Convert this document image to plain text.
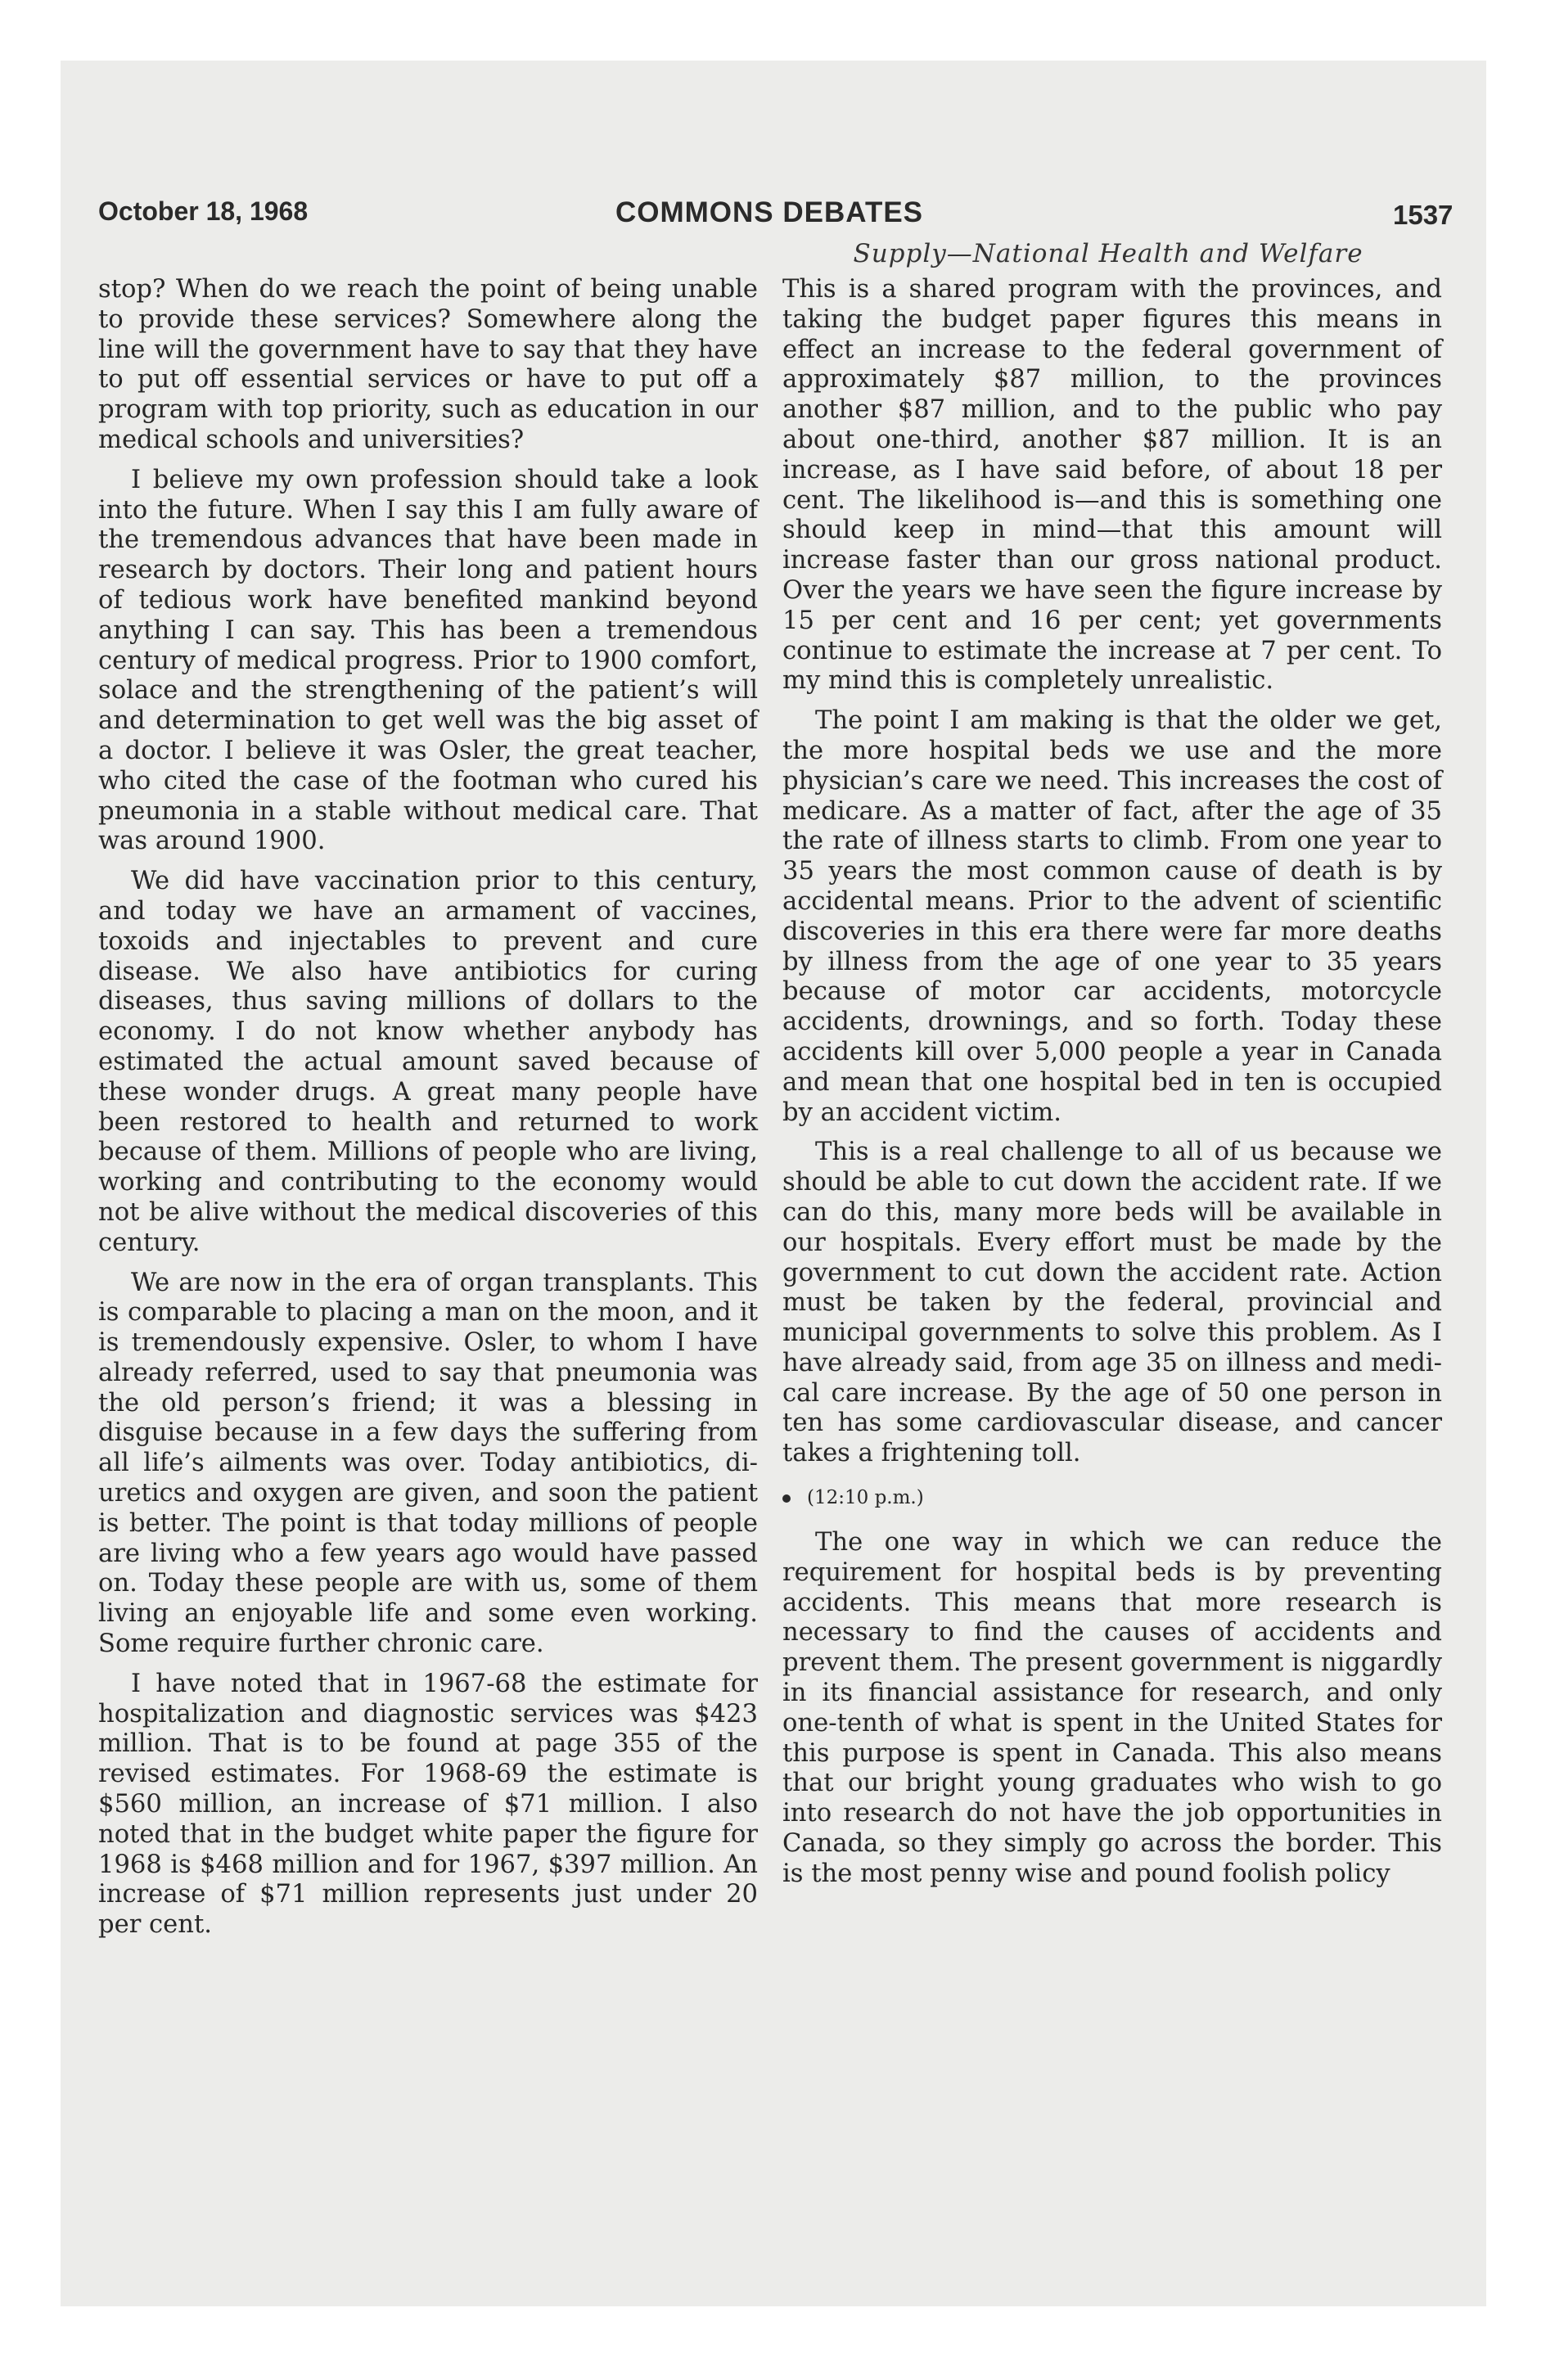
October 18, 1968	COMMONS DEBATES	1537
Supply—National Health and Welfare

stop? When do we reach the point of being unable to provide these services? Somewhere along the line will the government have to say that they have to put off essential services or have to put off a program with top priority, such as education in our medical schools and universities?

I believe my own profession should take a look into the future. When I say this I am fully aware of the tremendous advances that have been made in research by doctors. Their long and patient hours of tedious work have benefited mankind beyond anything I can say. This has been a tremendous century of medical progress. Prior to 1900 comfort, solace and the strengthening of the patient’s will and determination to get well was the big asset of a doctor. I believe it was Osler, the great teacher, who cited the case of the footman who cured his pneumonia in a stable without medical care. That was around 1900.

We did have vaccination prior to this century, and today we have an armament of vaccines, toxoids and injectables to prevent and cure disease. We also have antibiotics for curing diseases, thus saving millions of dollars to the economy. I do not know whether anybody has estimated the actual amount saved because of these wonder drugs. A great many people have been restored to health and returned to work because of them. Millions of people who are living, working and contributing to the economy would not be alive without the medical discoveries of this century.

We are now in the era of organ transplants. This is comparable to placing a man on the moon, and it is tremendously expensive. Osler, to whom I have already referred, used to say that pneumonia was the old person’s friend; it was a blessing in disguise because in a few days the suffering from all life’s ailments was over. Today antibiotics, diuretics and oxygen are given, and soon the patient is better. The point is that today millions of people are living who a few years ago would have passed on. Today these people are with us, some of them living an enjoyable life and some even working. Some require further chronic care.

I have noted that in 1967-68 the estimate for hospitalization and diagnostic services was $423 million. That is to be found at page 355 of the revised estimates. For 1968-69 the estimate is $560 million, an increase of $71 million. I also noted that in the budget white paper the figure for 1968 is $468 million and for 1967, $397 million. An increase of $71 million represents just under 20 per cent.

This is a shared program with the provinces, and taking the budget paper figures this means in effect an increase to the federal government of approximately $87 million, to the provinces another $87 million, and to the public who pay about one-third, another $87 million. It is an increase, as I have said before, of about 18 per cent. The likelihood is—and this is something one should keep in mind—that this amount will increase faster than our gross national product. Over the years we have seen the figure increase by 15 per cent and 16 per cent; yet governments continue to estimate the increase at 7 per cent. To my mind this is completely unrealistic.

The point I am making is that the older we get, the more hospital beds we use and the more physician’s care we need. This increases the cost of medicare. As a matter of fact, after the age of 35 the rate of illness starts to climb. From one year to 35 years the most common cause of death is by accidental means. Prior to the advent of scientific discoveries in this era there were far more deaths by illness from the age of one year to 35 years because of motor car accidents, motorcycle accidents, drownings, and so forth. Today these accidents kill over 5,000 people a year in Canada and mean that one hospital bed in ten is occupied by an accident victim.

This is a real challenge to all of us because we should be able to cut down the accident rate. If we can do this, many more beds will be available in our hospitals. Every effort must be made by the government to cut down the accident rate. Action must be taken by the federal, provincial and municipal governments to solve this problem. As I have already said, from age 35 on illness and medical care increase. By the age of 50 one person in ten has some cardiovascular disease, and cancer takes a frightening toll.

(12:10 p.m.)

The one way in which we can reduce the requirement for hospital beds is by preventing accidents. This means that more research is necessary to find the causes of accidents and prevent them. The present government is niggardly in its financial assistance for research, and only one-tenth of what is spent in the United States for this purpose is spent in Canada. This also means that our bright young graduates who wish to go into research do not have the job opportunities in Canada, so they simply go across the border. This is the most penny wise and pound foolish policy
